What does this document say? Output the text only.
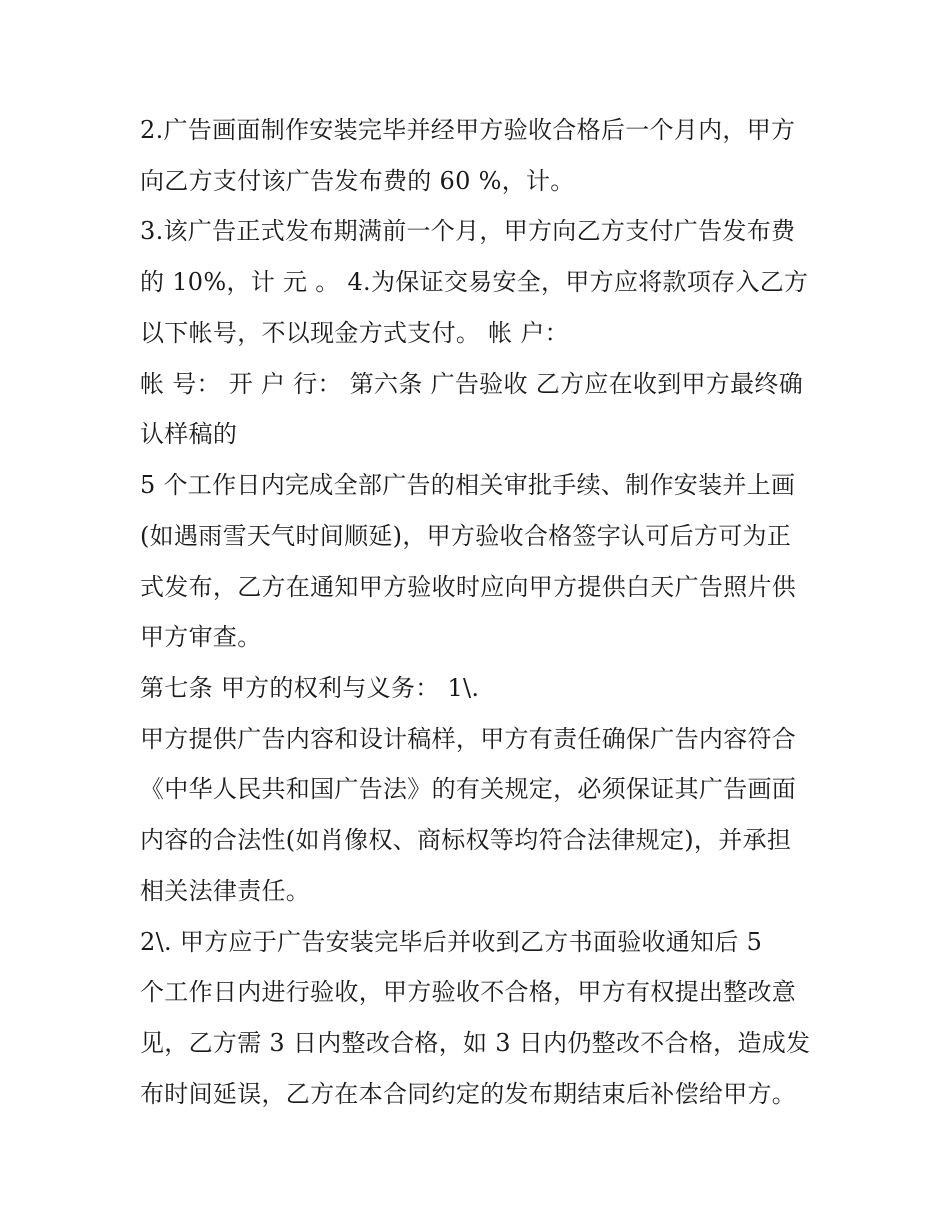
2.广告画面制作安装完毕并经甲方验收合格后一个月内，甲方
向乙方支付该广告发布费的 60 %，计。
3.该广告正式发布期满前一个月，甲方向乙方支付广告发布费
的 10%，计 元 。 4.为保证交易安全，甲方应将款项存入乙方
以下帐号，不以现金方式支付。 帐 户：
帐 号： 开 户 行： 第六条 广告验收 乙方应在收到甲方最终确
认样稿的
5 个工作日内完成全部广告的相关审批手续、制作安装并上画
(如遇雨雪天气时间顺延)，甲方验收合格签字认可后方可为正
式发布，乙方在通知甲方验收时应向甲方提供白天广告照片供
甲方审查。
第七条 甲方的权利与义务： 1\.
甲方提供广告内容和设计稿样，甲方有责任确保广告内容符合
《中华人民共和国广告法》的有关规定，必须保证其广告画面
内容的合法性(如肖像权、商标权等均符合法律规定)，并承担
相关法律责任。
2\. 甲方应于广告安装完毕后并收到乙方书面验收通知后 5
个工作日内进行验收，甲方验收不合格，甲方有权提出整改意
见，乙方需 3 日内整改合格，如 3 日内仍整改不合格，造成发
布时间延误，乙方在本合同约定的发布期结束后补偿给甲方。
